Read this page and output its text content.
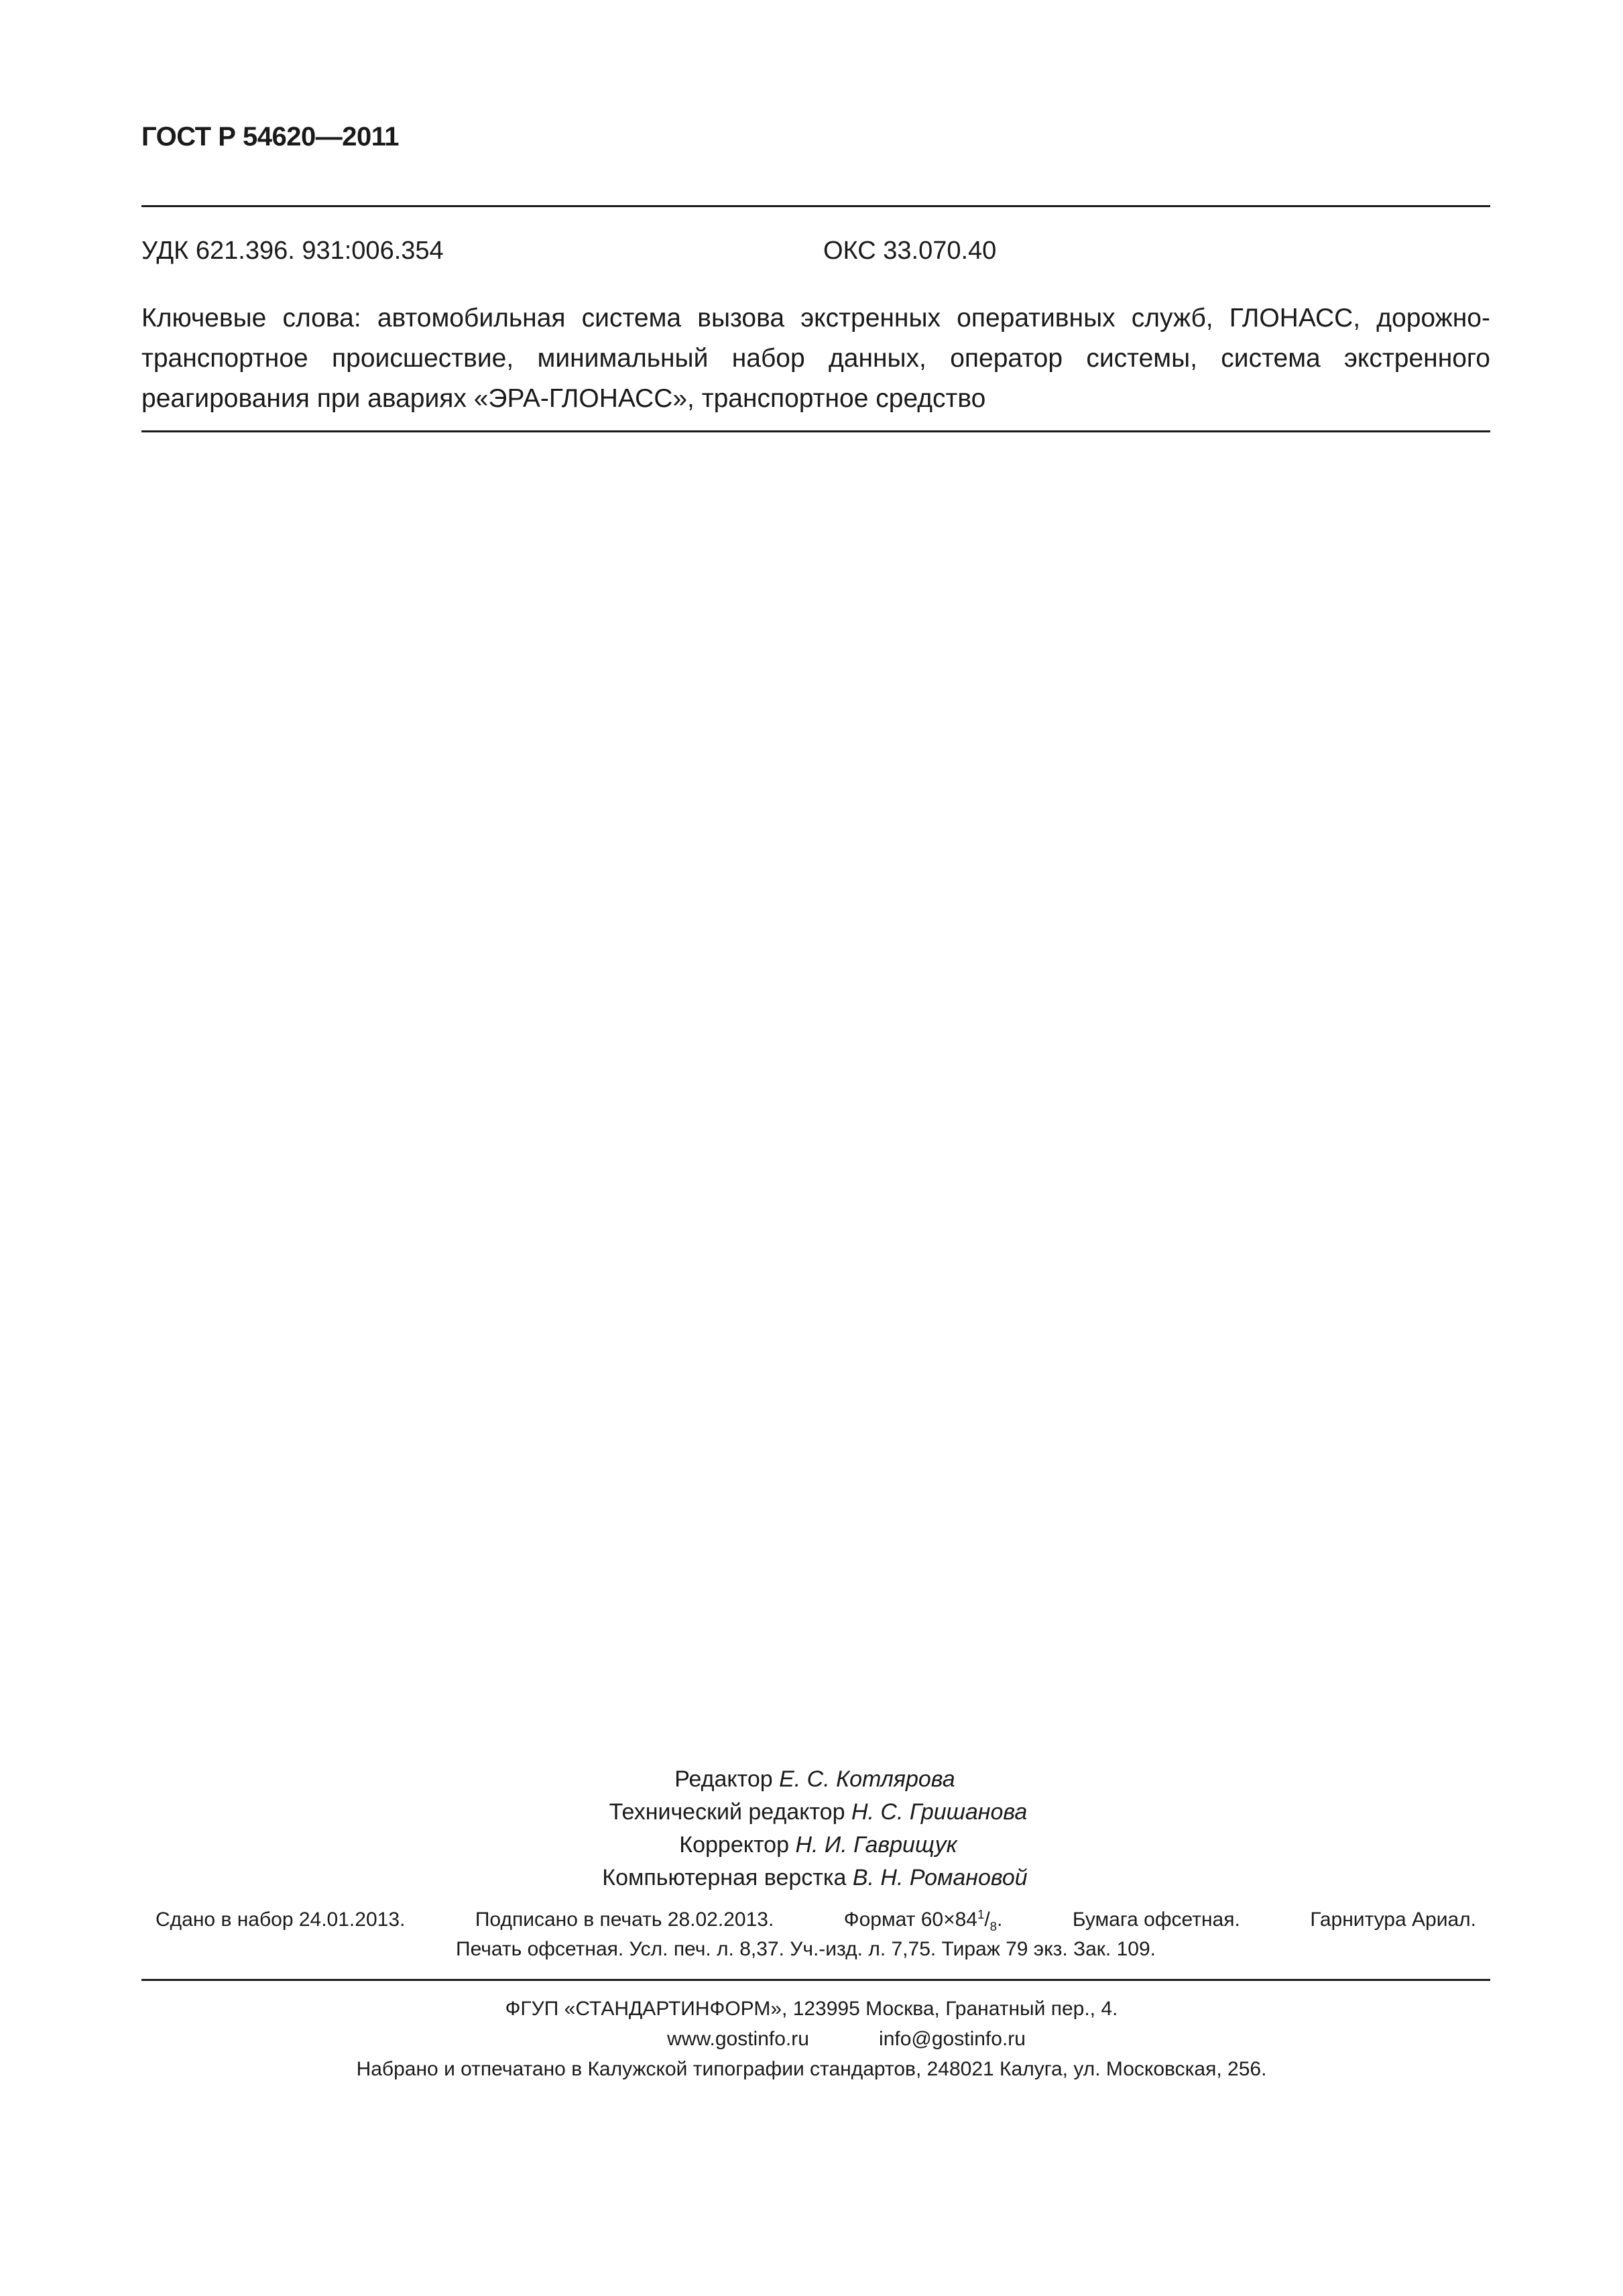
ГОСТ Р 54620—2011
УДК 621.396. 931:006.354	ОКС 33.070.40
Ключевые слова: автомобильная система вызова экстренных оперативных служб, ГЛОНАСС, дорожно-транспортное происшествие, минимальный набор данных, оператор системы, система экстренного реагирования при авариях «ЭРА-ГЛОНАСС», транспортное средство
Редактор Е. С. Котлярова
Технический редактор Н. С. Гришанова
Корректор Н. И. Гаврищук
Компьютерная верстка В. Н. Романовой
Сдано в набор 24.01.2013.	Подписано в печать 28.02.2013.	Формат $60\times 84^1/_8$.	Бумага офсетная.	Гарнитура Ариал.
Печать офсетная. Усл. печ. л. 8,37. Уч.-изд. л. 7,75. Тираж 79 экз. Зак. 109.
ФГУП «СТАНДАРТИНФОРМ», 123995 Москва, Гранатный пер., 4.
www.gostinfo.ru	info@gostinfo.ru
Набрано и отпечатано в Калужской типографии стандартов, 248021 Калуга, ул. Московская, 256.
